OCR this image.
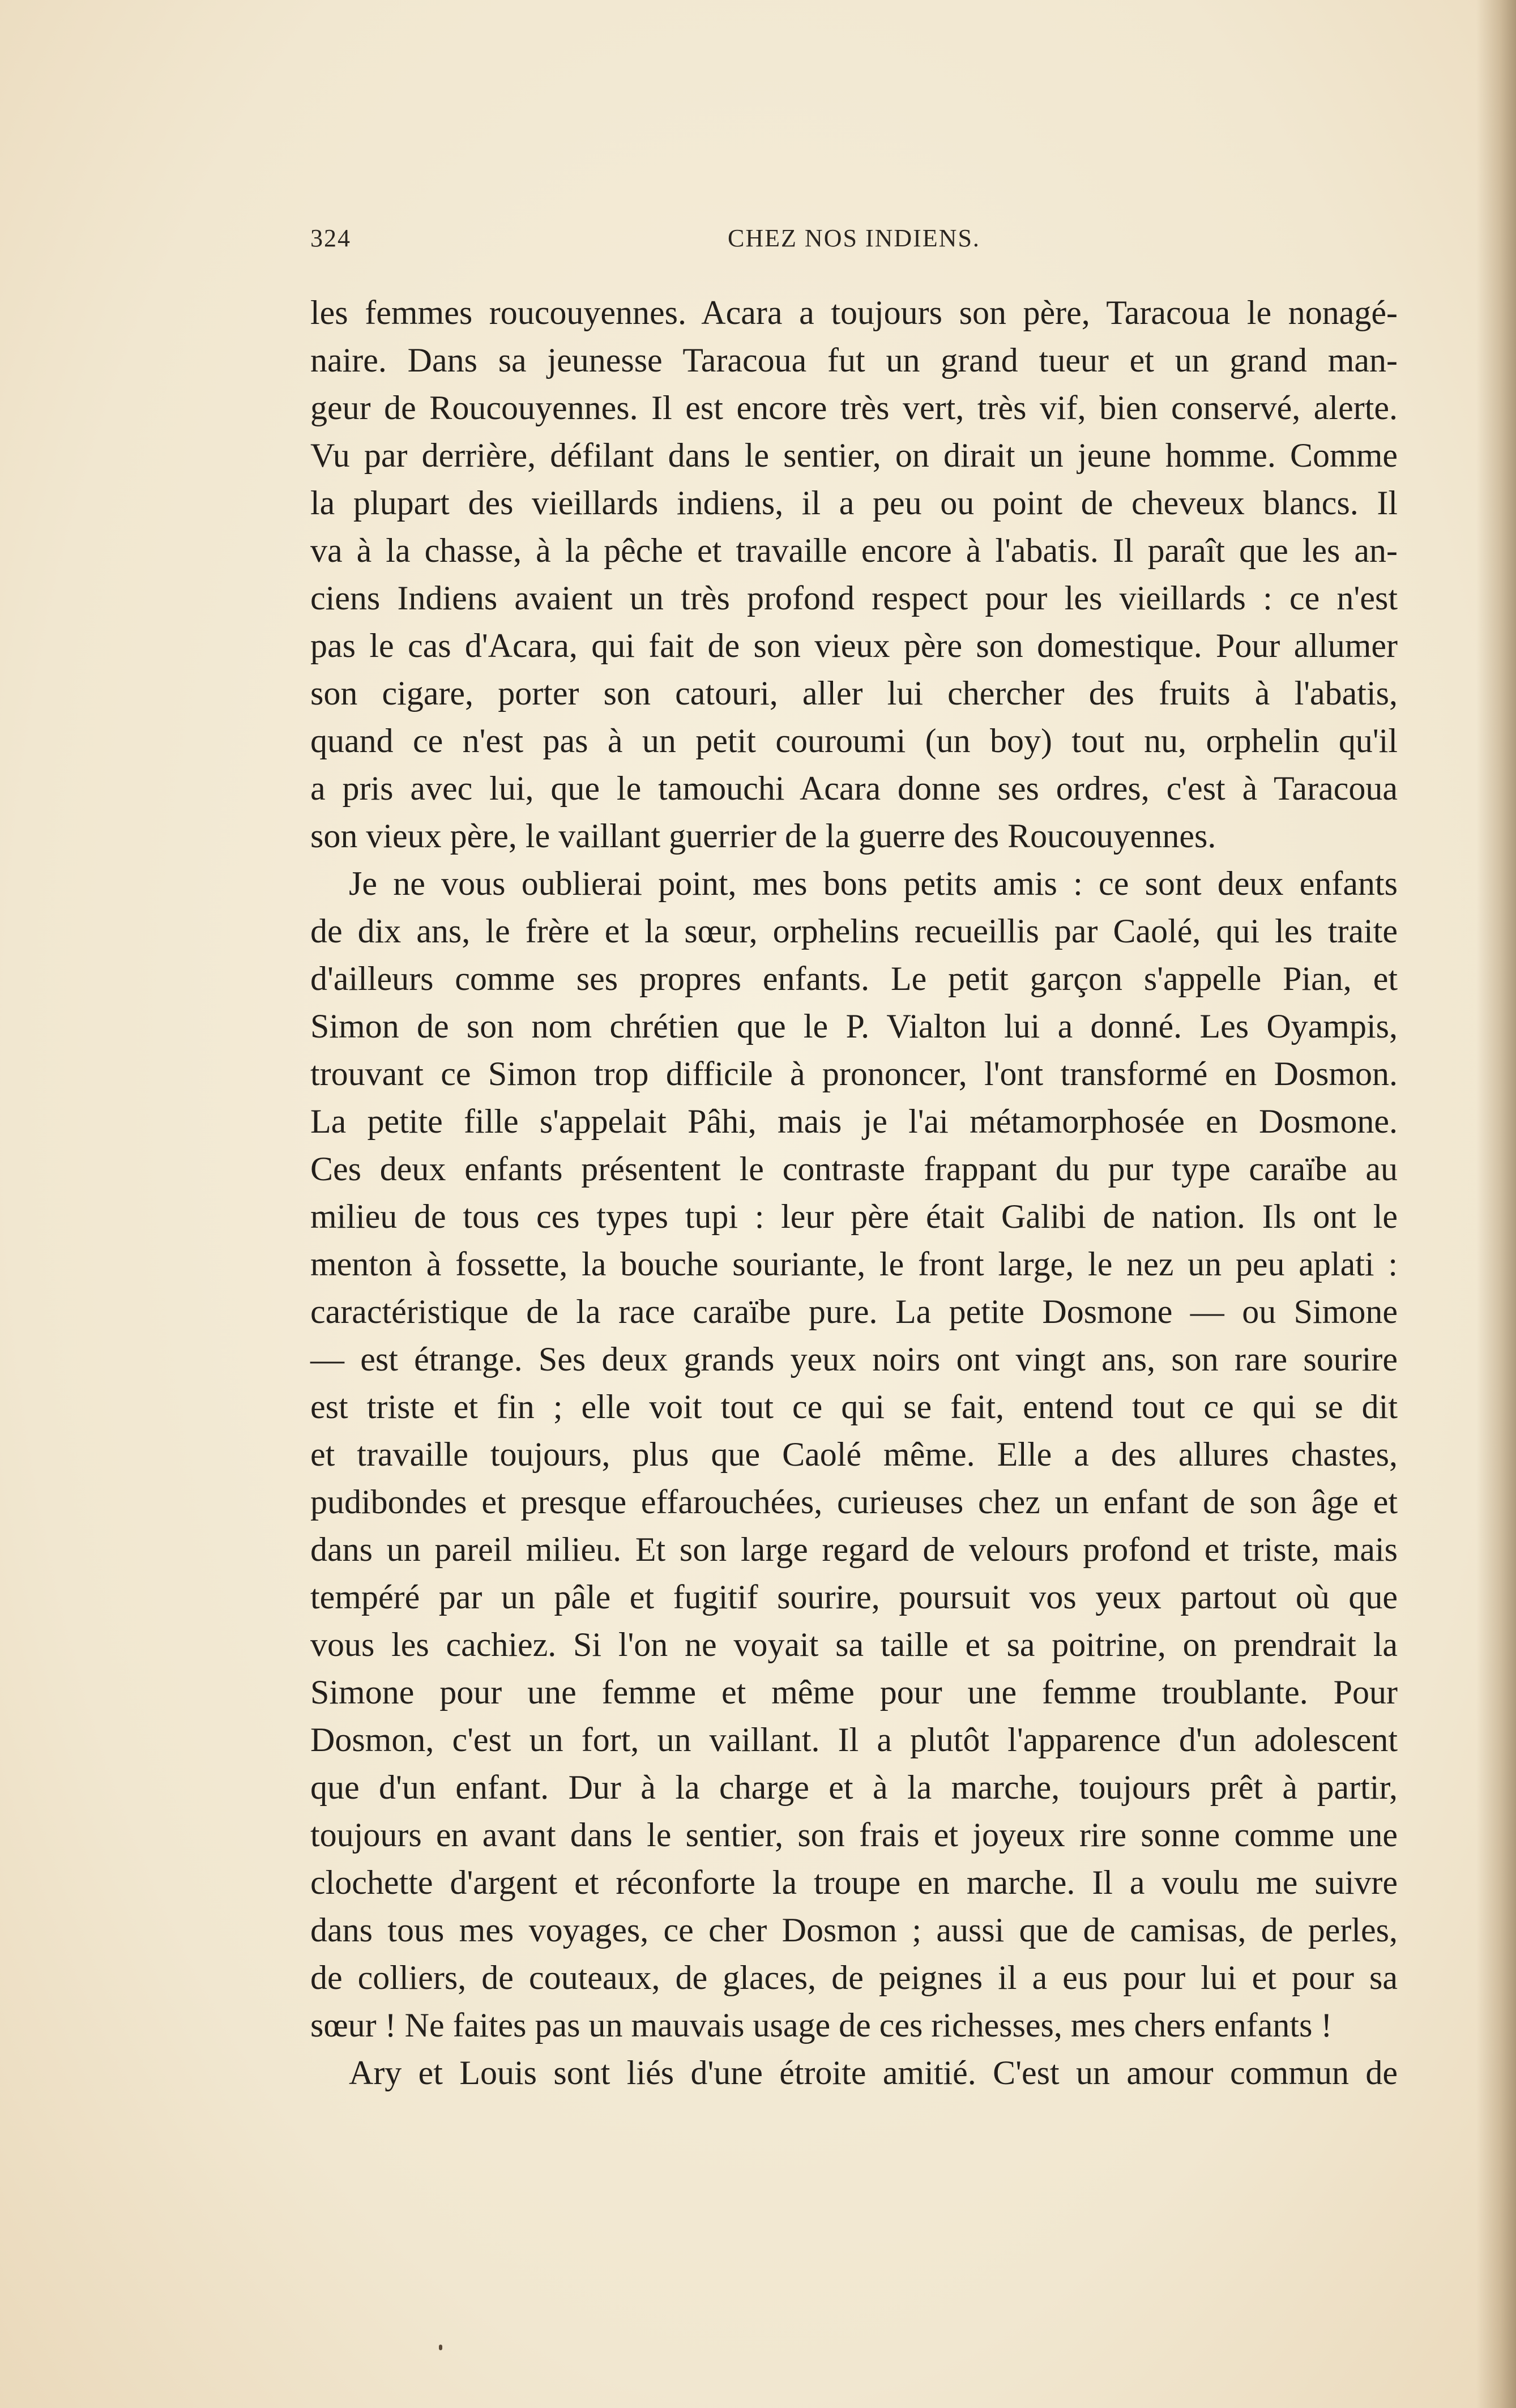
324	CHEZ NOS INDIENS.

les femmes roucouyennes. Acara a toujours son père, Taracoua le nonagé-

naire. Dans sa jeunesse Taracoua fut un grand tueur et un grand man-

geur de Roucouyennes. Il est encore très vert, très vif, bien conservé, alerte.

Vu par derrière, défilant dans le sentier, on dirait un jeune homme. Comme

la plupart des vieillards indiens, il a peu ou point de cheveux blancs. Il

va à la chasse, à la pêche et travaille encore à l'abatis. Il paraît que les an-

ciens Indiens avaient un très profond respect pour les vieillards : ce n'est

pas le cas d'Acara, qui fait de son vieux père son domestique. Pour allumer

son cigare, porter son catouri, aller lui chercher des fruits à l'abatis,

quand ce n'est pas à un petit couroumi (un boy) tout nu, orphelin qu'il

a pris avec lui, que le tamouchi Acara donne ses ordres, c'est à Taracoua

son vieux père, le vaillant guerrier de la guerre des Roucouyennes.

Je ne vous oublierai point, mes bons petits amis : ce sont deux enfants

de dix ans, le frère et la sœur, orphelins recueillis par Caolé, qui les traite

d'ailleurs comme ses propres enfants. Le petit garçon s'appelle Pian, et

Simon de son nom chrétien que le P. Vialton lui a donné. Les Oyampis,

trouvant ce Simon trop difficile à prononcer, l'ont transformé en Dosmon.

La petite fille s'appelait Pâhi, mais je l'ai métamorphosée en Dosmone.

Ces deux enfants présentent le contraste frappant du pur type caraïbe au

milieu de tous ces types tupi : leur père était Galibi de nation. Ils ont le

menton à fossette, la bouche souriante, le front large, le nez un peu aplati :

caractéristique de la race caraïbe pure. La petite Dosmone — ou Simone

— est étrange. Ses deux grands yeux noirs ont vingt ans, son rare sourire

est triste et fin ; elle voit tout ce qui se fait, entend tout ce qui se dit

et travaille toujours, plus que Caolé même. Elle a des allures chastes,

pudibondes et presque effarouchées, curieuses chez un enfant de son âge et

dans un pareil milieu. Et son large regard de velours profond et triste, mais

tempéré par un pâle et fugitif sourire, poursuit vos yeux partout où que

vous les cachiez. Si l'on ne voyait sa taille et sa poitrine, on prendrait la

Simone pour une femme et même pour une femme troublante. Pour

Dosmon, c'est un fort, un vaillant. Il a plutôt l'apparence d'un adolescent

que d'un enfant. Dur à la charge et à la marche, toujours prêt à partir,

toujours en avant dans le sentier, son frais et joyeux rire sonne comme une

clochette d'argent et réconforte la troupe en marche. Il a voulu me suivre

dans tous mes voyages, ce cher Dosmon ; aussi que de camisas, de perles,

de colliers, de couteaux, de glaces, de peignes il a eus pour lui et pour sa

sœur ! Ne faites pas un mauvais usage de ces richesses, mes chers enfants !

Ary et Louis sont liés d'une étroite amitié. C'est un amour commun de
